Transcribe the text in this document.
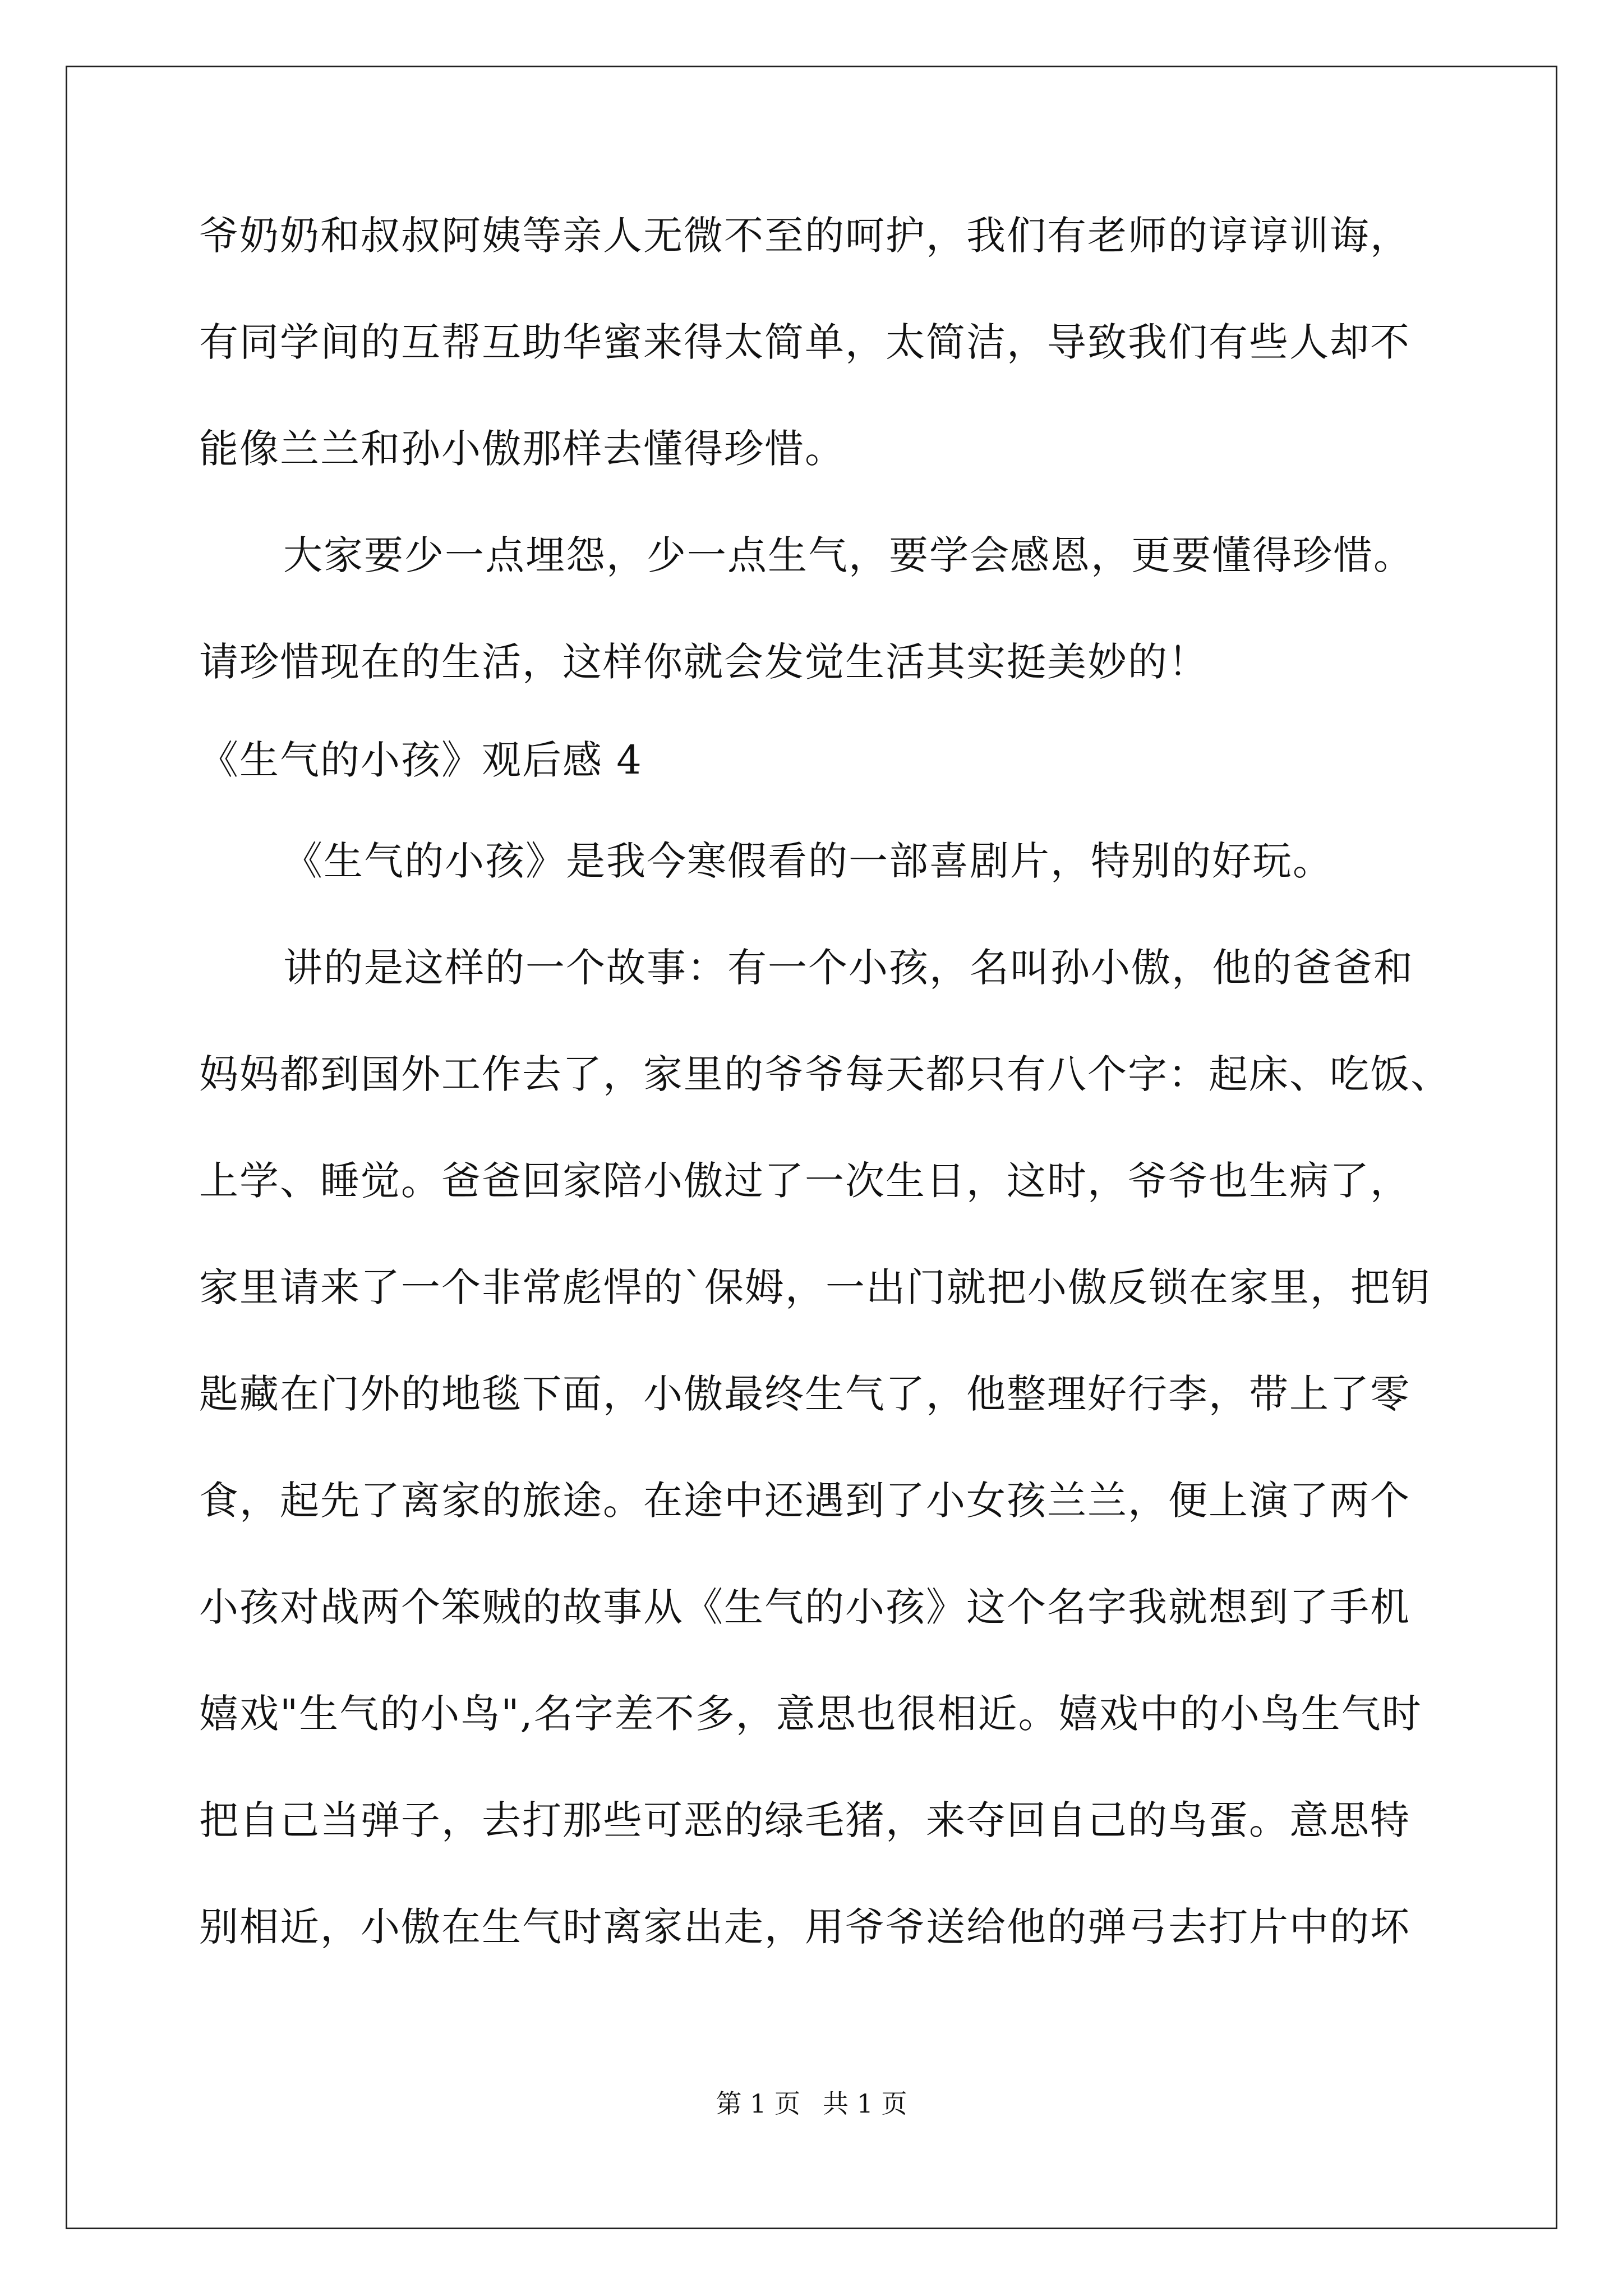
爷奶奶和叔叔阿姨等亲人无微不至的呵护，我们有老师的谆谆训诲，
有同学间的互帮互助华蜜来得太简单，太简洁，导致我们有些人却不
能像兰兰和孙小傲那样去懂得珍惜。
大家要少一点埋怨，少一点生气，要学会感恩，更要懂得珍惜。
请珍惜现在的生活，这样你就会发觉生活其实挺美妙的！
《生气的小孩》观后感 4
《生气的小孩》是我今寒假看的一部喜剧片，特别的好玩。
讲的是这样的一个故事：有一个小孩，名叫孙小傲，他的爸爸和
妈妈都到国外工作去了，家里的爷爷每天都只有八个字：起床、吃饭、
上学、睡觉。爸爸回家陪小傲过了一次生日，这时，爷爷也生病了，
家里请来了一个非常彪悍的`保姆，一出门就把小傲反锁在家里，把钥
匙藏在门外的地毯下面，小傲最终生气了，他整理好行李，带上了零
食，起先了离家的旅途。在途中还遇到了小女孩兰兰，便上演了两个
小孩对战两个笨贼的故事从《生气的小孩》这个名字我就想到了手机
嬉戏"生气的小鸟",名字差不多，意思也很相近。嬉戏中的小鸟生气时
把自己当弹子，去打那些可恶的绿毛猪，来夺回自己的鸟蛋。意思特
别相近，小傲在生气时离家出走，用爷爷送给他的弹弓去打片中的坏
第 1 页 共 1 页
